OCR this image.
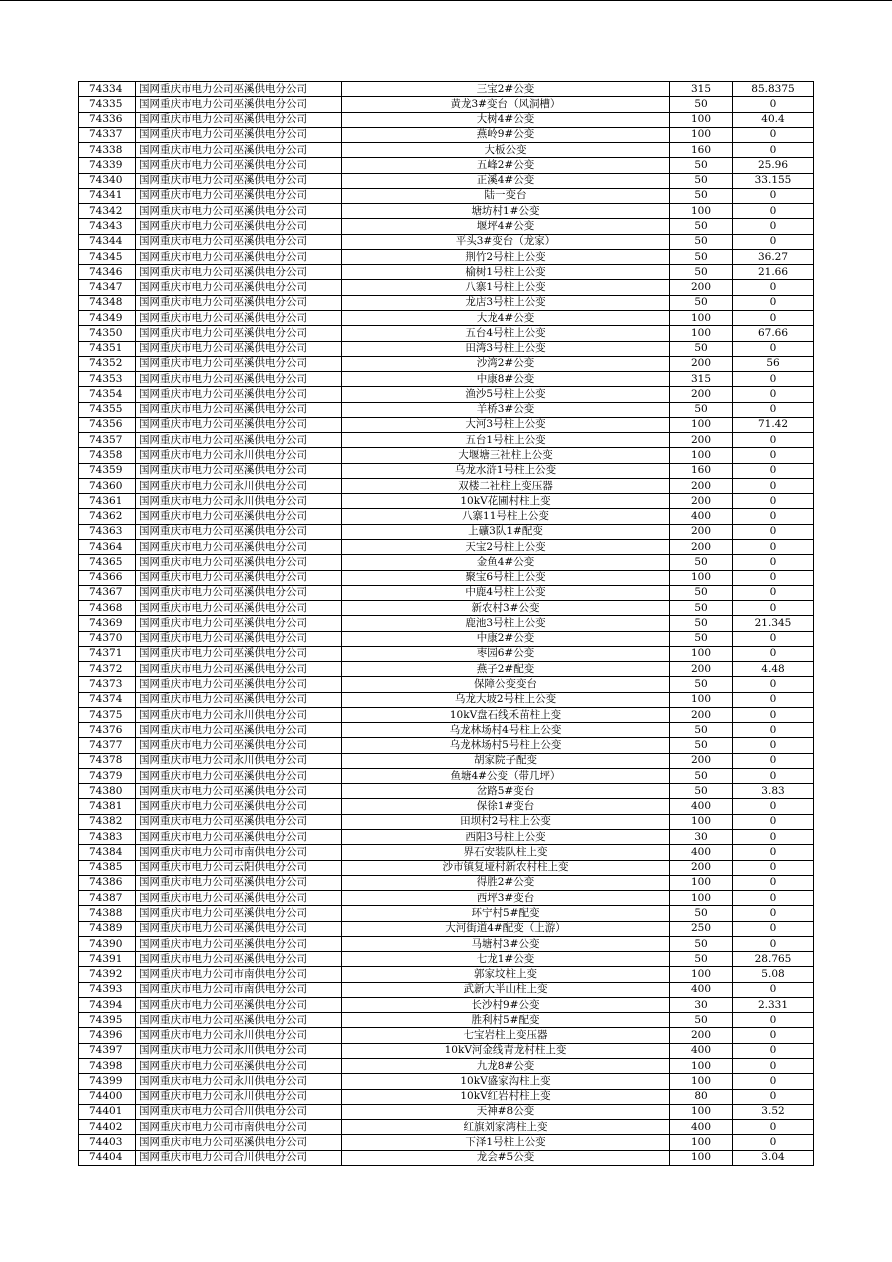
74334	国网重庆市电力公司巫溪供电分公司	三宝2#公变	315	85.8375
74335	国网重庆市电力公司巫溪供电分公司	黄龙3#变台（风洞槽）	50	0
74336	国网重庆市电力公司巫溪供电分公司	大树4#公变	100	40.4
74337	国网重庆市电力公司巫溪供电分公司	燕岭9#公变	100	0
74338	国网重庆市电力公司巫溪供电分公司	大板公变	160	0
74339	国网重庆市电力公司巫溪供电分公司	五峰2#公变	50	25.96
74340	国网重庆市电力公司巫溪供电分公司	正溪4#公变	50	33.155
74341	国网重庆市电力公司巫溪供电分公司	陆一变台	50	0
74342	国网重庆市电力公司巫溪供电分公司	塘坊村1#公变	100	0
74343	国网重庆市电力公司巫溪供电分公司	堰坪4#公变	50	0
74344	国网重庆市电力公司巫溪供电分公司	平头3#变台（龙家）	50	0
74345	国网重庆市电力公司巫溪供电分公司	荆竹2号柱上公变	50	36.27
74346	国网重庆市电力公司巫溪供电分公司	榆树1号柱上公变	50	21.66
74347	国网重庆市电力公司巫溪供电分公司	八寨1号柱上公变	200	0
74348	国网重庆市电力公司巫溪供电分公司	龙店3号柱上公变	50	0
74349	国网重庆市电力公司巫溪供电分公司	大龙4#公变	100	0
74350	国网重庆市电力公司巫溪供电分公司	五台4号柱上公变	100	67.66
74351	国网重庆市电力公司巫溪供电分公司	田湾3号柱上公变	50	0
74352	国网重庆市电力公司巫溪供电分公司	沙湾2#公变	200	56
74353	国网重庆市电力公司巫溪供电分公司	中康8#公变	315	0
74354	国网重庆市电力公司巫溪供电分公司	渔沙5号柱上公变	200	0
74355	国网重庆市电力公司巫溪供电分公司	羊桥3#公变	50	0
74356	国网重庆市电力公司巫溪供电分公司	大河3号柱上公变	100	71.42
74357	国网重庆市电力公司巫溪供电分公司	五台1号柱上公变	200	0
74358	国网重庆市电力公司永川供电分公司	大堰塘三社柱上公变	100	0
74359	国网重庆市电力公司巫溪供电分公司	乌龙水浒1号柱上公变	160	0
74360	国网重庆市电力公司永川供电分公司	双楼二社柱上变压器	200	0
74361	国网重庆市电力公司永川供电分公司	10kV花圃村柱上变	200	0
74362	国网重庆市电力公司巫溪供电分公司	八寨11号柱上公变	400	0
74363	国网重庆市电力公司巫溪供电分公司	上礦3队1#配变	200	0
74364	国网重庆市电力公司巫溪供电分公司	天宝2号柱上公变	200	0
74365	国网重庆市电力公司巫溪供电分公司	金鱼4#公变	50	0
74366	国网重庆市电力公司巫溪供电分公司	聚宝6号柱上公变	100	0
74367	国网重庆市电力公司巫溪供电分公司	中鹿4号柱上公变	50	0
74368	国网重庆市电力公司巫溪供电分公司	新农村3#公变	50	0
74369	国网重庆市电力公司巫溪供电分公司	鹿池3号柱上公变	50	21.345
74370	国网重庆市电力公司巫溪供电分公司	中康2#公变	50	0
74371	国网重庆市电力公司巫溪供电分公司	枣园6#公变	100	0
74372	国网重庆市电力公司巫溪供电分公司	燕子2#配变	200	4.48
74373	国网重庆市电力公司巫溪供电分公司	保障公变变台	50	0
74374	国网重庆市电力公司巫溪供电分公司	乌龙大坡2号柱上公变	100	0
74375	国网重庆市电力公司永川供电分公司	10kV盘石线禾苗柱上变	200	0
74376	国网重庆市电力公司巫溪供电分公司	乌龙林场村4号柱上公变	50	0
74377	国网重庆市电力公司巫溪供电分公司	乌龙林场村5号柱上公变	50	0
74378	国网重庆市电力公司永川供电分公司	胡家院子配变	200	0
74379	国网重庆市电力公司巫溪供电分公司	鱼塘4#公变（带几坪）	50	0
74380	国网重庆市电力公司巫溪供电分公司	岔路5#变台	50	3.83
74381	国网重庆市电力公司巫溪供电分公司	保徐1#变台	400	0
74382	国网重庆市电力公司巫溪供电分公司	田坝村2号柱上公变	100	0
74383	国网重庆市电力公司巫溪供电分公司	西阳3号柱上公变	30	0
74384	国网重庆市电力公司市南供电分公司	界石安装队柱上变	400	0
74385	国网重庆市电力公司云阳供电分公司	沙市镇复垭村新农村柱上变	200	0
74386	国网重庆市电力公司巫溪供电分公司	得胜2#公变	100	0
74387	国网重庆市电力公司巫溪供电分公司	西坪3#变台	100	0
74388	国网重庆市电力公司巫溪供电分公司	环宁村5#配变	50	0
74389	国网重庆市电力公司巫溪供电分公司	大河街道4#配变（上游）	250	0
74390	国网重庆市电力公司巫溪供电分公司	马塘村3#公变	50	0
74391	国网重庆市电力公司巫溪供电分公司	七龙1#公变	50	28.765
74392	国网重庆市电力公司市南供电分公司	郭家坟柱上变	100	5.08
74393	国网重庆市电力公司市南供电分公司	武新大半山柱上变	400	0
74394	国网重庆市电力公司巫溪供电分公司	长沙村9#公变	30	2.331
74395	国网重庆市电力公司巫溪供电分公司	胜利村5#配变	50	0
74396	国网重庆市电力公司永川供电分公司	七宝岩柱上变压器	200	0
74397	国网重庆市电力公司永川供电分公司	10kV河金线青龙村柱上变	400	0
74398	国网重庆市电力公司巫溪供电分公司	九龙8#公变	100	0
74399	国网重庆市电力公司永川供电分公司	10kV盛家沟柱上变	100	0
74400	国网重庆市电力公司永川供电分公司	10kV红岩村柱上变	80	0
74401	国网重庆市电力公司合川供电分公司	天神#8公变	100	3.52
74402	国网重庆市电力公司市南供电分公司	红旗刘家湾柱上变	400	0
74403	国网重庆市电力公司巫溪供电分公司	下泽1号柱上公变	100	0
74404	国网重庆市电力公司合川供电分公司	龙会#5公变	100	3.04
